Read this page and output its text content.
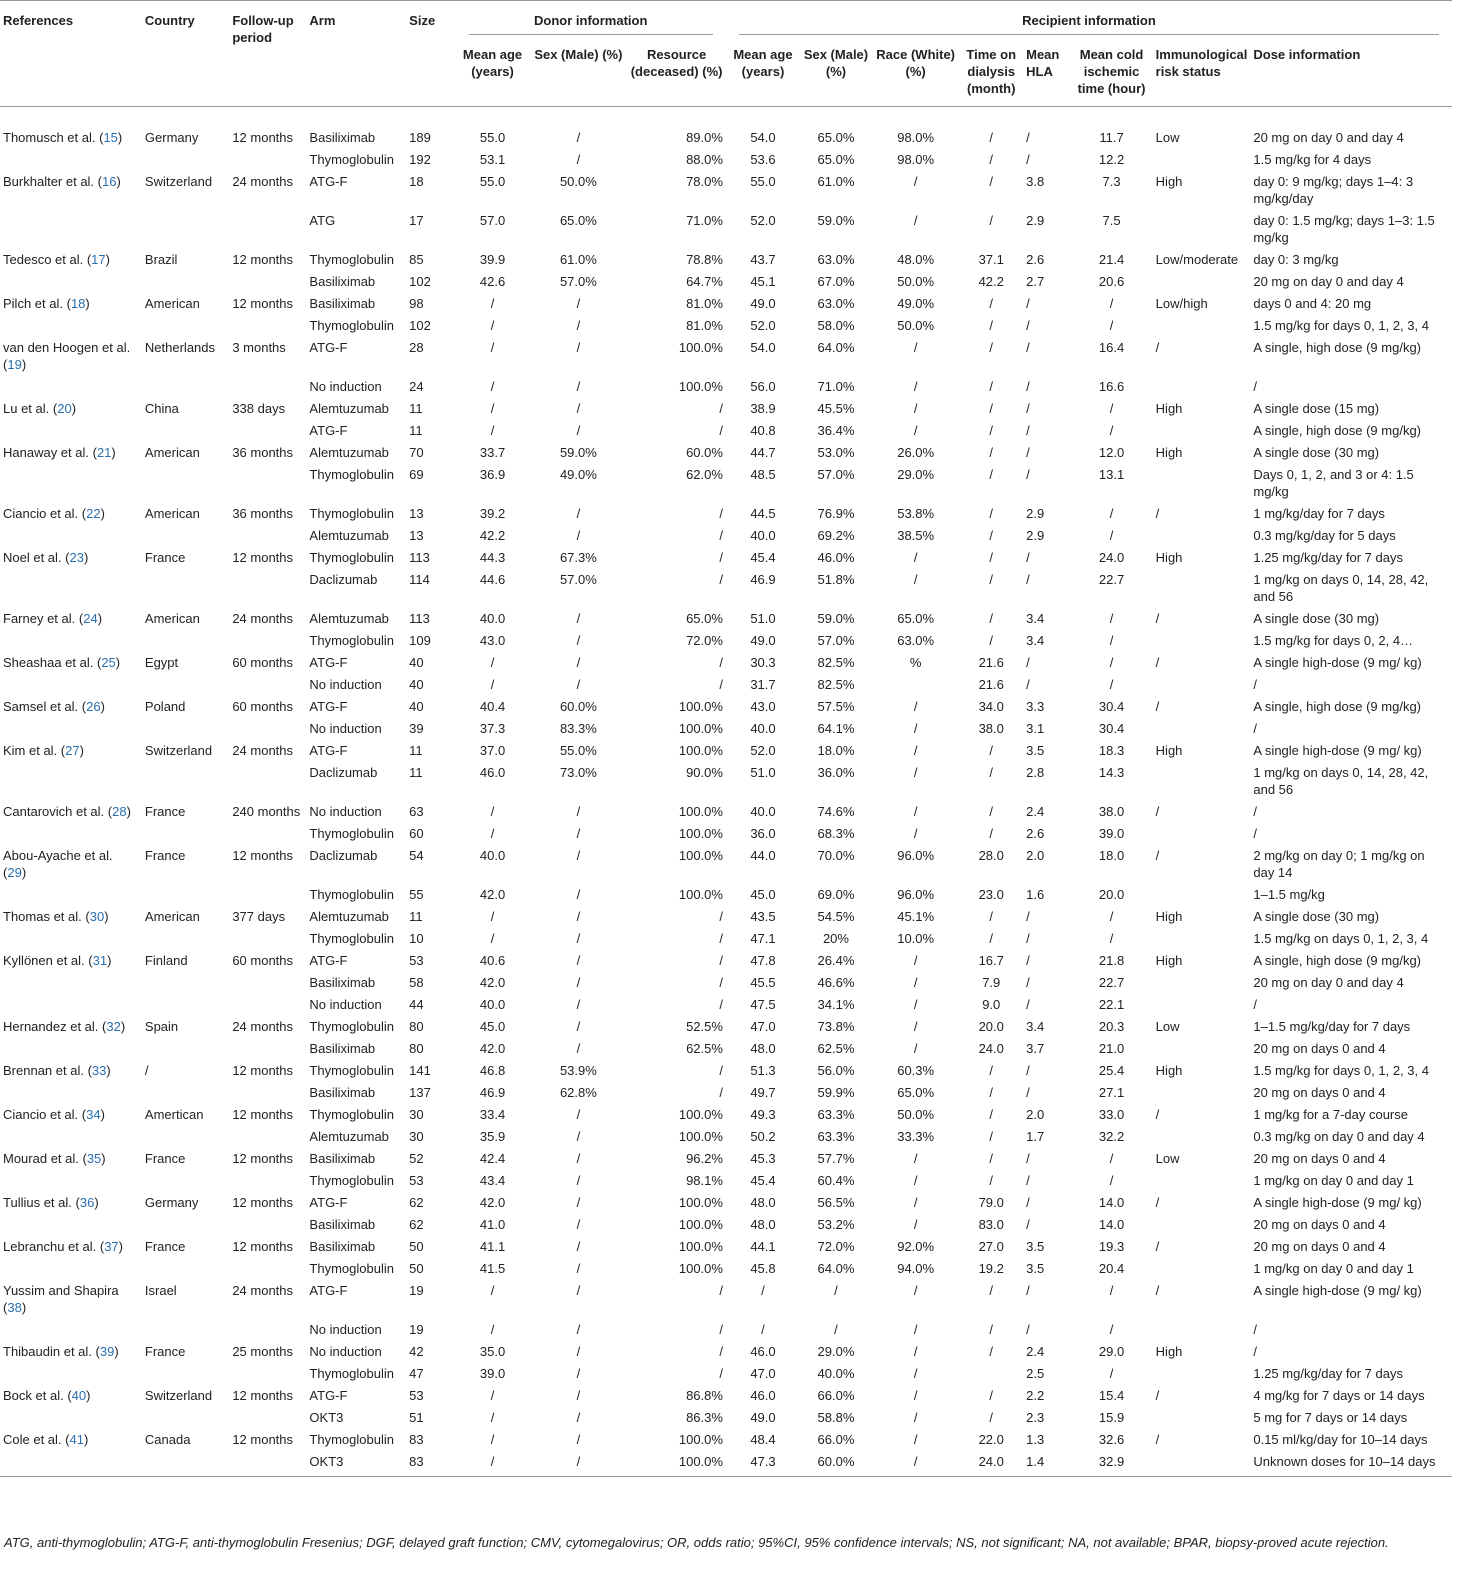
References	Country	Follow-up period	Arm	Size	Donor information			Recipient information							

					Mean age (years)	Sex (Male) (%)	Resource (deceased) (%)	Mean age (years)	Sex (Male) (%)	Race (White) (%)	Time on dialysis (month)	Mean HLA	Mean cold ischemic time (hour)	Immunological risk status	Dose information
Thomusch et al. (15)	Germany	12 months	Basiliximab	189	55.0	/	89.0%	54.0	65.0%	98.0%	/	/	11.7	Low	20 mg on day 0 and day 4
			Thymoglobulin	192	53.1	/	88.0%	53.6	65.0%	98.0%	/	/	12.2		1.5 mg/kg for 4 days
Burkhalter et al. (16)	Switzerland	24 months	ATG-F	18	55.0	50.0%	78.0%	55.0	61.0%	/	/	3.8	7.3	High	day 0: 9 mg/kg; days 1–4: 3 mg/kg/day
			ATG	17	57.0	65.0%	71.0%	52.0	59.0%	/	/	2.9	7.5		day 0: 1.5 mg/kg; days 1–3: 1.5 mg/kg
Tedesco et al. (17)	Brazil	12 months	Thymoglobulin	85	39.9	61.0%	78.8%	43.7	63.0%	48.0%	37.1	2.6	21.4	Low/moderate	day 0: 3 mg/kg
			Basiliximab	102	42.6	57.0%	64.7%	45.1	67.0%	50.0%	42.2	2.7	20.6		20 mg on day 0 and day 4
Pilch et al. (18)	American	12 months	Basiliximab	98	/	/	81.0%	49.0	63.0%	49.0%	/	/	/	Low/high	days 0 and 4: 20 mg
			Thymoglobulin	102	/	/	81.0%	52.0	58.0%	50.0%	/	/	/		1.5 mg/kg for days 0, 1, 2, 3, 4
van den Hoogen et al. (19)	Netherlands	3 months	ATG-F	28	/	/	100.0%	54.0	64.0%	/	/	/	16.4	/	A single, high dose (9 mg/kg)
			No induction	24	/	/	100.0%	56.0	71.0%	/	/	/	16.6		/
Lu et al. (20)	China	338 days	Alemtuzumab	11	/	/	/	38.9	45.5%	/	/	/	/	High	A single dose (15 mg)
			ATG-F	11	/	/	/	40.8	36.4%	/	/	/	/		A single, high dose (9 mg/kg)
Hanaway et al. (21)	American	36 months	Alemtuzumab	70	33.7	59.0%	60.0%	44.7	53.0%	26.0%	/	/	12.0	High	A single dose (30 mg)
			Thymoglobulin	69	36.9	49.0%	62.0%	48.5	57.0%	29.0%	/	/	13.1		Days 0, 1, 2, and 3 or 4: 1.5 mg/kg
Ciancio et al. (22)	American	36 months	Thymoglobulin	13	39.2	/	/	44.5	76.9%	53.8%	/	2.9	/	/	1 mg/kg/day for 7 days
			Alemtuzumab	13	42.2	/	/	40.0	69.2%	38.5%	/	2.9	/		0.3 mg/kg/day for 5 days
Noel et al. (23)	France	12 months	Thymoglobulin	113	44.3	67.3%	/	45.4	46.0%	/	/	/	24.0	High	1.25 mg/kg/day for 7 days
			Daclizumab	114	44.6	57.0%	/	46.9	51.8%	/	/	/	22.7		1 mg/kg on days 0, 14, 28, 42, and 56
Farney et al. (24)	American	24 months	Alemtuzumab	113	40.0	/	65.0%	51.0	59.0%	65.0%	/	3.4	/	/	A single dose (30 mg)
			Thymoglobulin	109	43.0	/	72.0%	49.0	57.0%	63.0%	/	3.4	/		1.5 mg/kg for days 0, 2, 4…
Sheashaa et al. (25)	Egypt	60 months	ATG-F	40	/	/	/	30.3	82.5%	%	21.6	/	/	/	A single high-dose (9 mg/ kg)
			No induction	40	/	/	/	31.7	82.5%		21.6	/	/		/
Samsel et al. (26)	Poland	60 months	ATG-F	40	40.4	60.0%	100.0%	43.0	57.5%	/	34.0	3.3	30.4	/	A single, high dose (9 mg/kg)
			No induction	39	37.3	83.3%	100.0%	40.0	64.1%	/	38.0	3.1	30.4		/
Kim et al. (27)	Switzerland	24 months	ATG-F	11	37.0	55.0%	100.0%	52.0	18.0%	/	/	3.5	18.3	High	A single high-dose (9 mg/ kg)
			Daclizumab	11	46.0	73.0%	90.0%	51.0	36.0%	/	/	2.8	14.3		1 mg/kg on days 0, 14, 28, 42, and 56
Cantarovich et al. (28)	France	240 months	No induction	63	/	/	100.0%	40.0	74.6%	/	/	2.4	38.0	/	/
			Thymoglobulin	60	/	/	100.0%	36.0	68.3%	/	/	2.6	39.0		/
Abou-Ayache et al. (29)	France	12 months	Daclizumab	54	40.0	/	100.0%	44.0	70.0%	96.0%	28.0	2.0	18.0	/	2 mg/kg on day 0; 1 mg/kg on day 14
			Thymoglobulin	55	42.0	/	100.0%	45.0	69.0%	96.0%	23.0	1.6	20.0		1–1.5 mg/kg
Thomas et al. (30)	American	377 days	Alemtuzumab	11	/	/	/	43.5	54.5%	45.1%	/	/	/	High	A single dose (30 mg)
			Thymoglobulin	10	/	/	/	47.1	20%	10.0%	/	/	/		1.5 mg/kg on days 0, 1, 2, 3, 4
Kyllönen et al. (31)	Finland	60 months	ATG-F	53	40.6	/	/	47.8	26.4%	/	16.7	/	21.8	High	A single, high dose (9 mg/kg)
			Basiliximab	58	42.0	/	/	45.5	46.6%	/	7.9	/	22.7		20 mg on day 0 and day 4
			No induction	44	40.0	/	/	47.5	34.1%	/	9.0	/	22.1		/
Hernandez et al. (32)	Spain	24 months	Thymoglobulin	80	45.0	/	52.5%	47.0	73.8%	/	20.0	3.4	20.3	Low	1–1.5 mg/kg/day for 7 days
			Basiliximab	80	42.0	/	62.5%	48.0	62.5%	/	24.0	3.7	21.0		20 mg on days 0 and 4
Brennan et al. (33)	/	12 months	Thymoglobulin	141	46.8	53.9%	/	51.3	56.0%	60.3%	/	/	25.4	High	1.5 mg/kg for days 0, 1, 2, 3, 4
			Basiliximab	137	46.9	62.8%	/	49.7	59.9%	65.0%	/	/	27.1		20 mg on days 0 and 4
Ciancio et al. (34)	Amertican	12 months	Thymoglobulin	30	33.4	/	100.0%	49.3	63.3%	50.0%	/	2.0	33.0	/	1 mg/kg for a 7-day course
			Alemtuzumab	30	35.9	/	100.0%	50.2	63.3%	33.3%	/	1.7	32.2		0.3 mg/kg on day 0 and day 4
Mourad et al. (35)	France	12 months	Basiliximab	52	42.4	/	96.2%	45.3	57.7%	/	/	/	/	Low	20 mg on days 0 and 4
			Thymoglobulin	53	43.4	/	98.1%	45.4	60.4%	/	/	/	/		1 mg/kg on day 0 and day 1
Tullius et al. (36)	Germany	12 months	ATG-F	62	42.0	/	100.0%	48.0	56.5%	/	79.0	/	14.0	/	A single high-dose (9 mg/ kg)
			Basiliximab	62	41.0	/	100.0%	48.0	53.2%	/	83.0	/	14.0		20 mg on days 0 and 4
Lebranchu et al. (37)	France	12 months	Basiliximab	50	41.1	/	100.0%	44.1	72.0%	92.0%	27.0	3.5	19.3	/	20 mg on days 0 and 4
			Thymoglobulin	50	41.5	/	100.0%	45.8	64.0%	94.0%	19.2	3.5	20.4		1 mg/kg on day 0 and day 1
Yussim and Shapira (38)	Israel	24 months	ATG-F	19	/	/	/	/	/	/	/	/	/	/	A single high-dose (9 mg/ kg)
			No induction	19	/	/	/	/	/	/	/	/	/		/
Thibaudin et al. (39)	France	25 months	No induction	42	35.0	/	/	46.0	29.0%	/	/	2.4	29.0	High	/
			Thymoglobulin	47	39.0	/	/	47.0	40.0%	/		2.5	/		1.25 mg/kg/day for 7 days
Bock et al. (40)	Switzerland	12 months	ATG-F	53	/	/	86.8%	46.0	66.0%	/	/	2.2	15.4	/	4 mg/kg for 7 days or 14 days
			OKT3	51	/	/	86.3%	49.0	58.8%	/	/	2.3	15.9		5 mg for 7 days or 14 days
Cole et al. (41)	Canada	12 months	Thymoglobulin	83	/	/	100.0%	48.4	66.0%	/	22.0	1.3	32.6	/	0.15 ml/kg/day for 10–14 days
			OKT3	83	/	/	100.0%	47.3	60.0%	/	24.0	1.4	32.9		Unknown doses for 10–14 days
ATG, anti-thymoglobulin; ATG-F, anti-thymoglobulin Fresenius; DGF, delayed graft function; CMV, cytomegalovirus; OR, odds ratio; 95%CI, 95% confidence intervals; NS, not significant; NA, not available; BPAR, biopsy-proved acute rejection.
